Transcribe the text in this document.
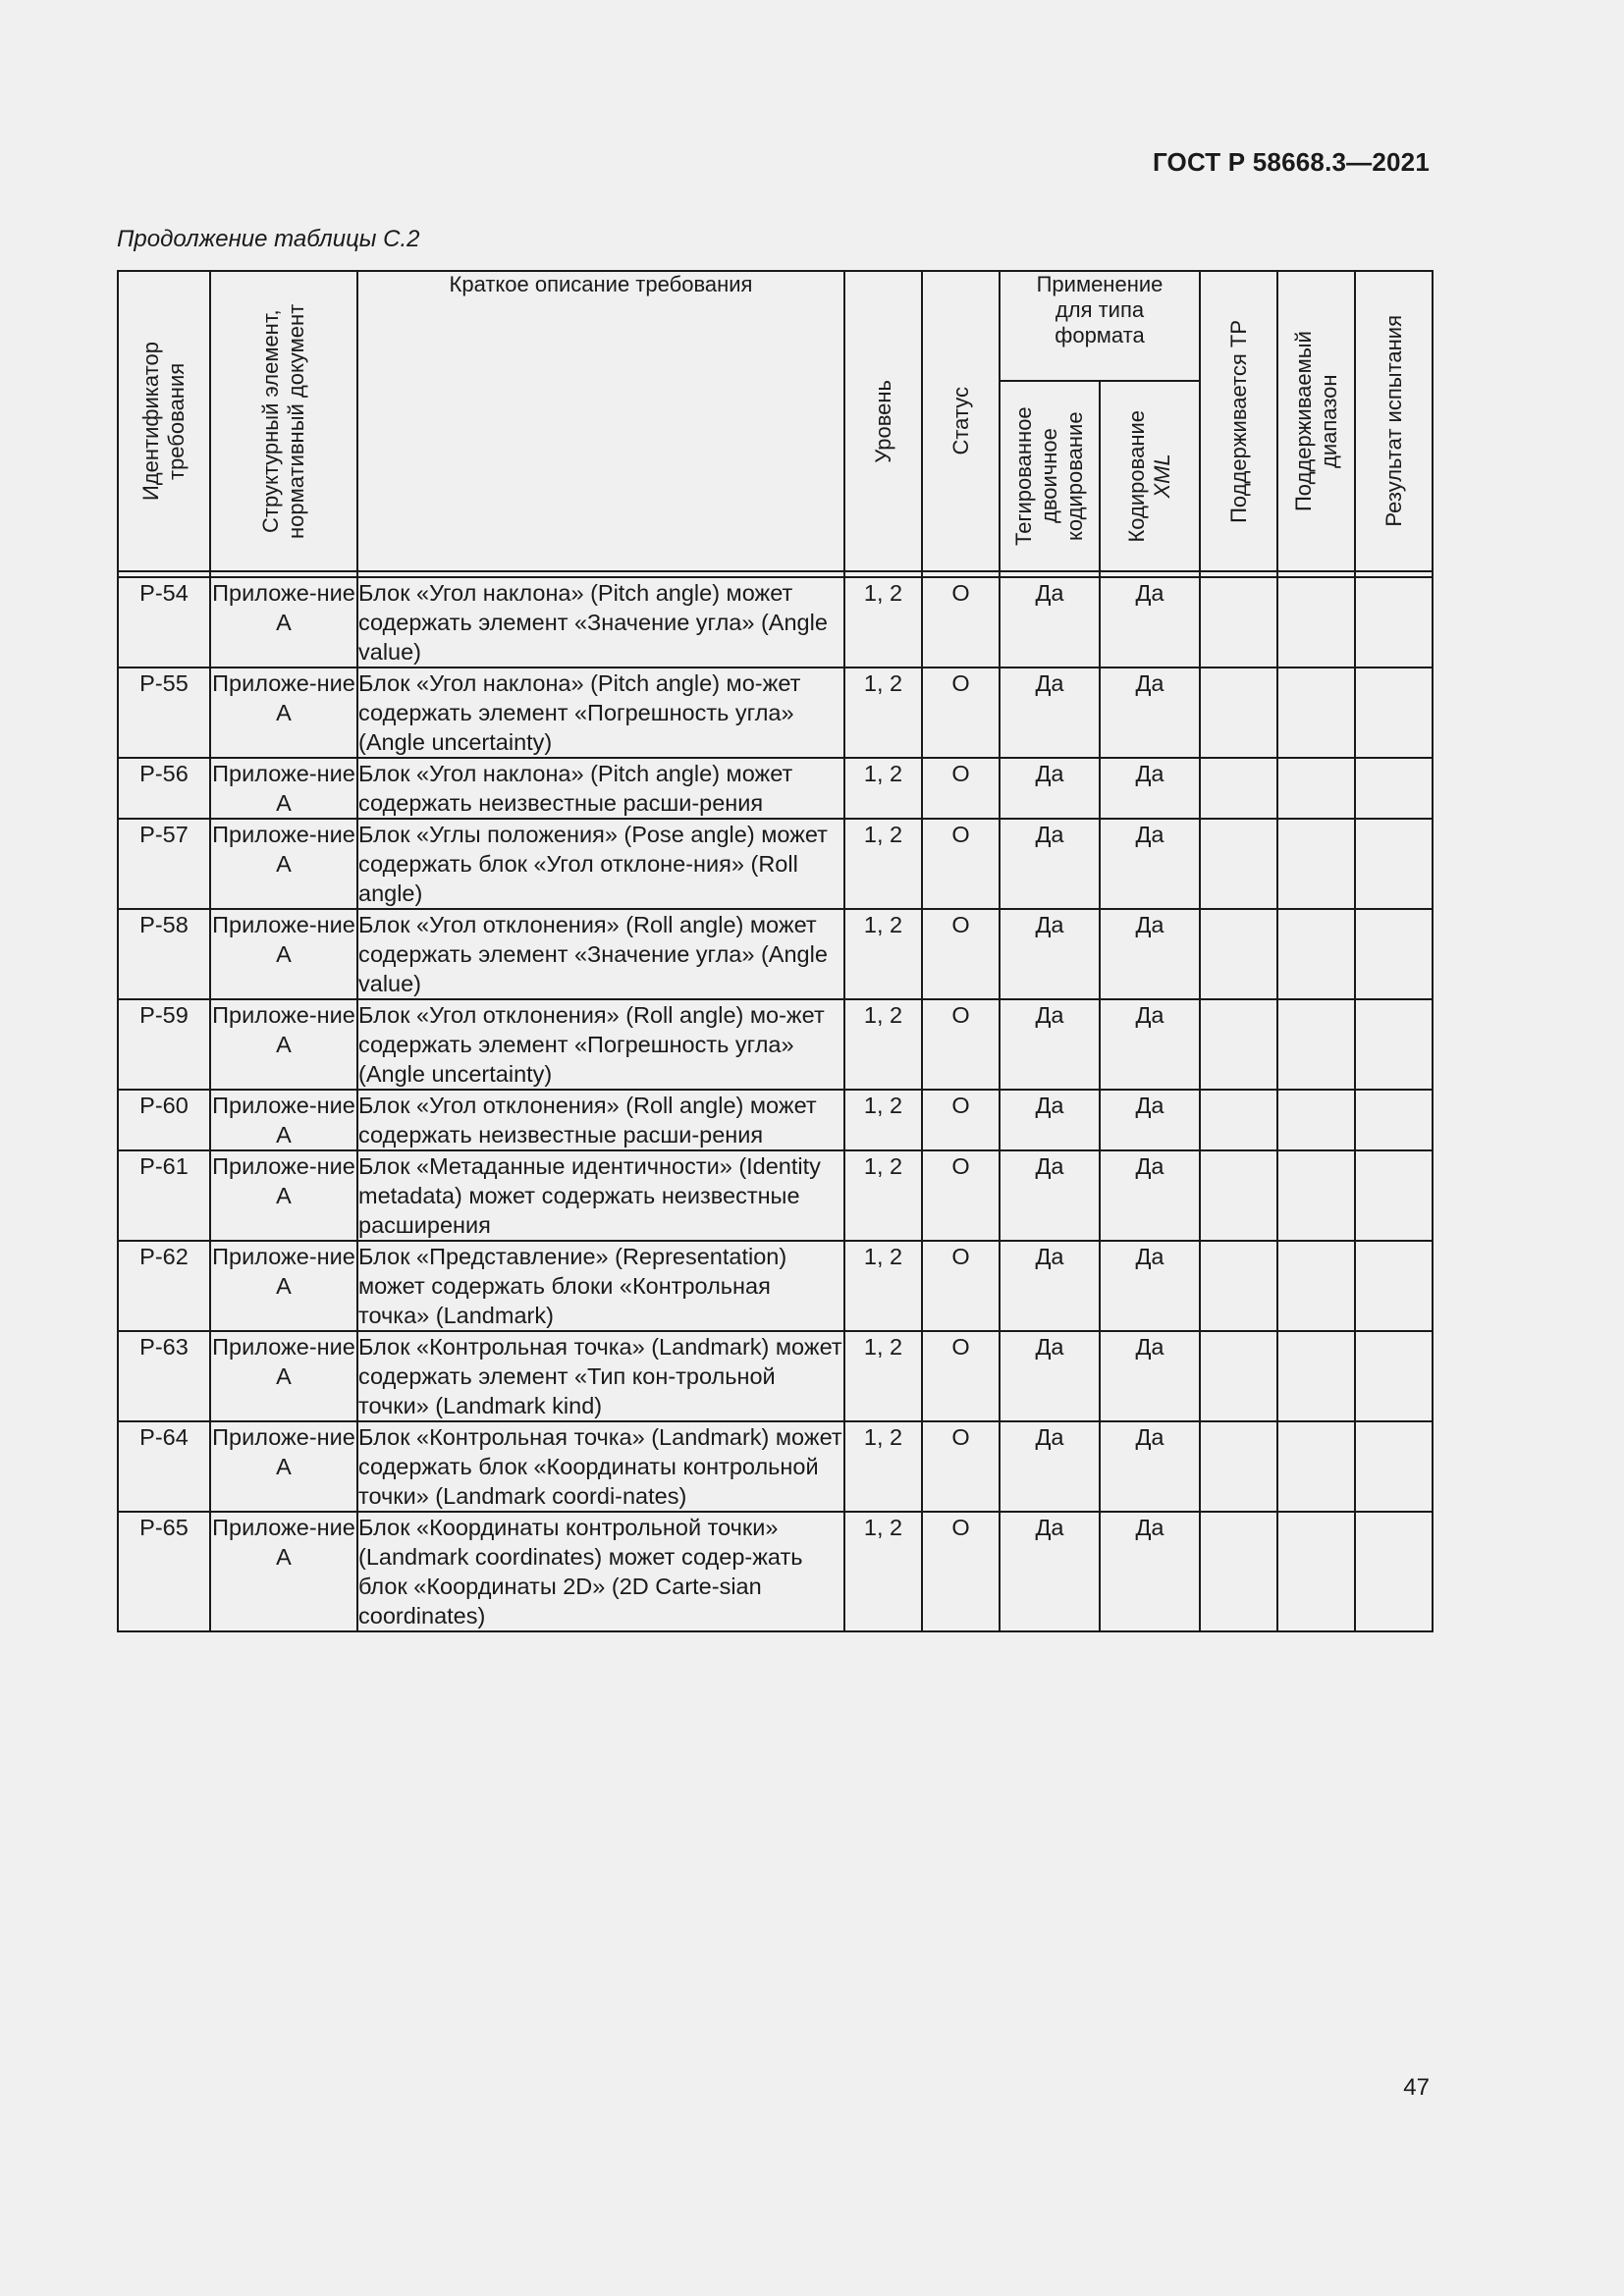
ГОСТ Р 58668.3—2021
Продолжение таблицы С.2
Идентификатор требования	Структурный элемент, нормативный документ	Краткое описание требования	Уровень	Статус	Применение для типа формата		Поддерживается ТР	Поддерживаемый диапазон	Результат испытания

					Тегированное двоичное кодирование	Кодирование
XML			

P-54	Приложе-ние А	Блок «Угол наклона» (Pitch angle) может содержать элемент «Значение угла» (Angle value)	1, 2	O	Да	Да			
P-55	Приложе-ние А	Блок «Угол наклона» (Pitch angle) мо-жет содержать элемент «Погрешность угла» (Angle uncertainty)	1, 2	O	Да	Да			
P-56	Приложе-ние А	Блок «Угол наклона» (Pitch angle) может содержать неизвестные расши-рения	1, 2	O	Да	Да			
P-57	Приложе-ние А	Блок «Углы положения» (Pose angle) может содержать блок «Угол отклоне-ния» (Roll angle)	1, 2	O	Да	Да			
P-58	Приложе-ние А	Блок «Угол отклонения» (Roll angle) может содержать элемент «Значение угла» (Angle value)	1, 2	O	Да	Да			
P-59	Приложе-ние А	Блок «Угол отклонения» (Roll angle) мо-жет содержать элемент «Погрешность угла» (Angle uncertainty)	1, 2	O	Да	Да			
P-60	Приложе-ние А	Блок «Угол отклонения» (Roll angle) может содержать неизвестные расши-рения	1, 2	O	Да	Да			
P-61	Приложе-ние А	Блок «Метаданные идентичности» (Identity metadata) может содержать неизвестные расширения	1, 2	O	Да	Да			
P-62	Приложе-ние А	Блок «Представление» (Representation) может содержать блоки «Контрольная точка» (Landmark)	1, 2	O	Да	Да			
P-63	Приложе-ние А	Блок «Контрольная точка» (Landmark) может содержать элемент «Тип кон-трольной точки» (Landmark kind)	1, 2	O	Да	Да			
P-64	Приложе-ние А	Блок «Контрольная точка» (Landmark) может содержать блок «Координаты контрольной точки» (Landmark coordi-nates)	1, 2	O	Да	Да			
P-65	Приложе-ние А	Блок «Координаты контрольной точки» (Landmark coordinates) может содер-жать блок «Координаты 2D» (2D Carte-sian coordinates)	1, 2	O	Да	Да			
47
